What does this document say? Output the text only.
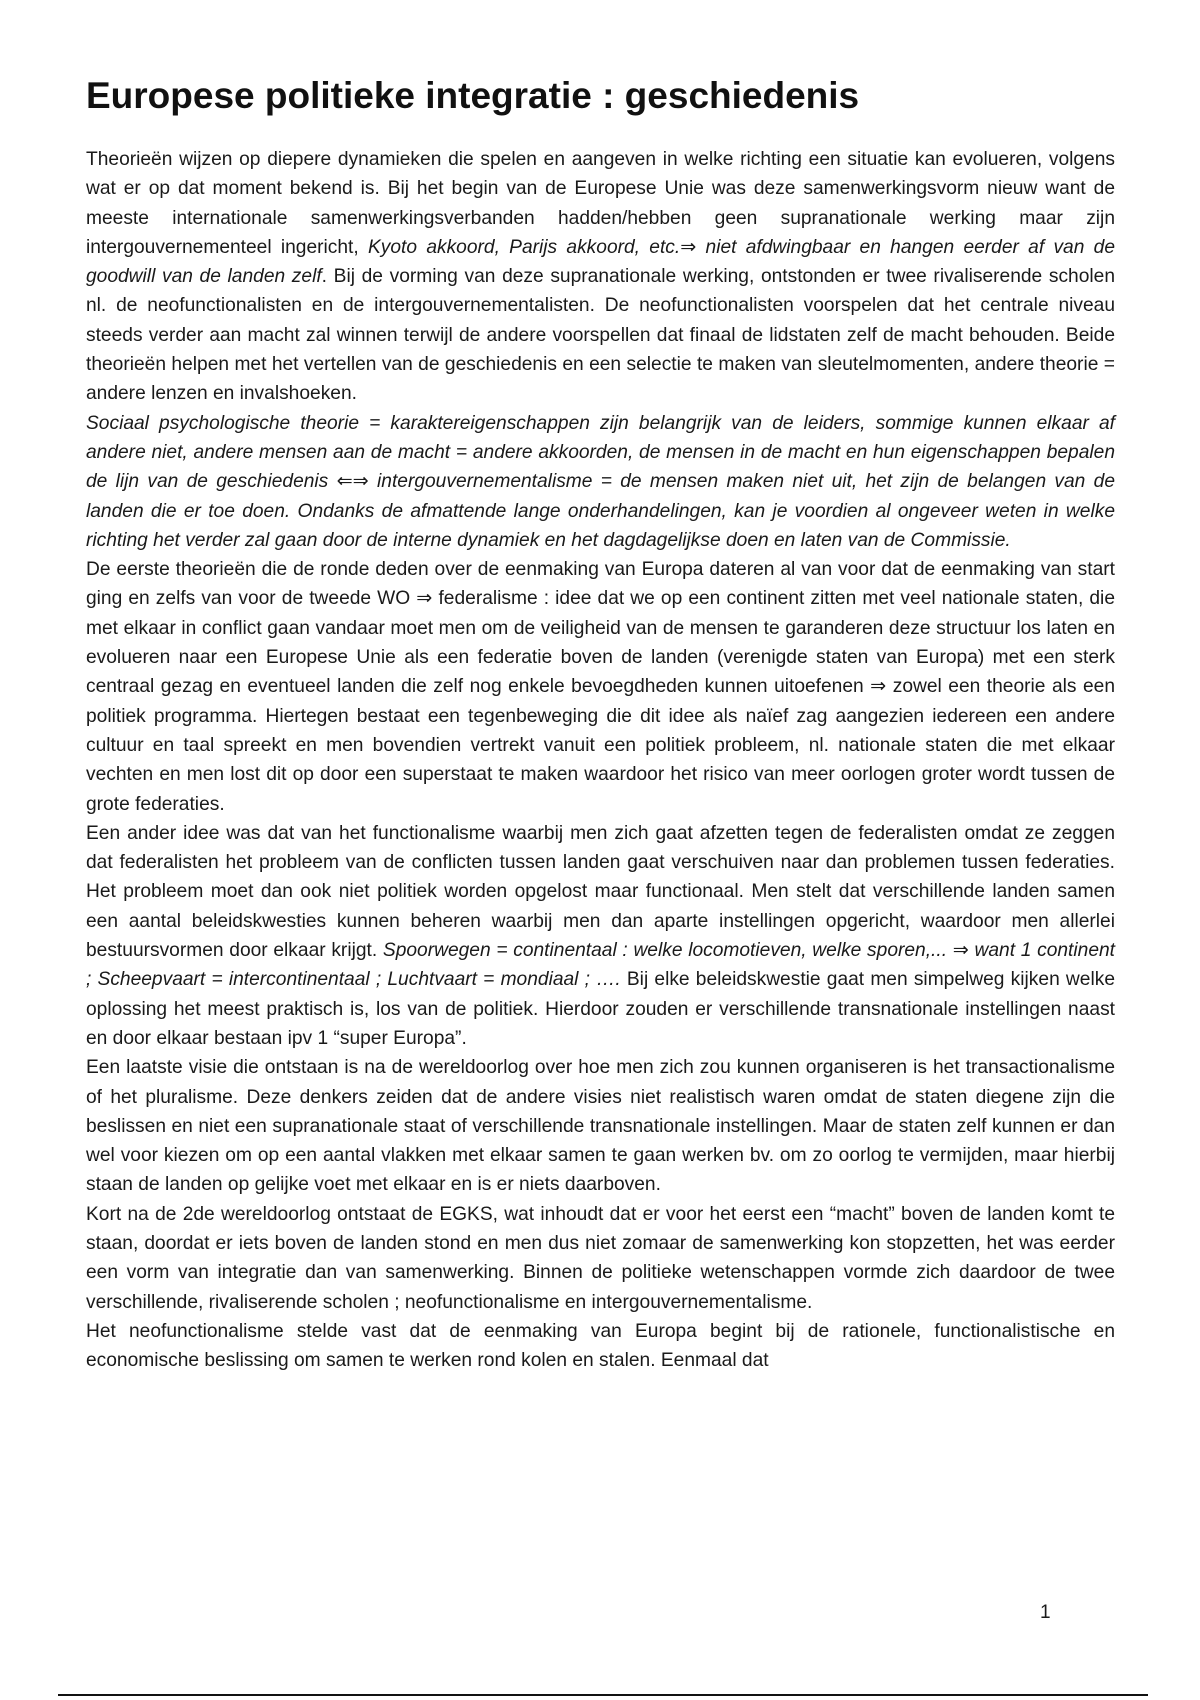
Europese politieke integratie : geschiedenis

Theorieën wijzen op diepere dynamieken die spelen en aangeven in welke richting een situatie kan evolueren, volgens wat er op dat moment bekend is. Bij het begin van de Europese Unie was deze samenwerkingsvorm nieuw want de meeste internationale samenwerkingsverbanden hadden/hebben geen supranationale werking maar zijn intergouvernementeel ingericht, Kyoto akkoord, Parijs akkoord, etc.⇒ niet afdwingbaar en hangen eerder af van de goodwill van de landen zelf. Bij de vorming van deze supranationale werking, ontstonden er twee rivaliserende scholen nl. de neofunctionalisten en de intergouvernementalisten. De neofunctionalisten voorspelen dat het centrale niveau steeds verder aan macht zal winnen terwijl de andere voorspellen dat finaal de lidstaten zelf de macht behouden. Beide theorieën helpen met het vertellen van de geschiedenis en een selectie te maken van sleutelmomenten, andere theorie = andere lenzen en invalshoeken.

Sociaal psychologische theorie = karaktereigenschappen zijn belangrijk van de leiders, sommige kunnen elkaar af andere niet, andere mensen aan de macht = andere akkoorden, de mensen in de macht en hun eigenschappen bepalen de lijn van de geschiedenis ⇐⇒ intergouvernementalisme = de mensen maken niet uit, het zijn de belangen van de landen die er toe doen. Ondanks de afmattende lange onderhandelingen, kan je voordien al ongeveer weten in welke richting het verder zal gaan door de interne dynamiek en het dagdagelijkse doen en laten van de Commissie.

De eerste theorieën die de ronde deden over de eenmaking van Europa dateren al van voor dat de eenmaking van start ging en zelfs van voor de tweede WO ⇒ federalisme : idee dat we op een continent zitten met veel nationale staten, die met elkaar in conflict gaan vandaar moet men om de veiligheid van de mensen te garanderen deze structuur los laten en evolueren naar een Europese Unie als een federatie boven de landen (verenigde staten van Europa) met een sterk centraal gezag en eventueel landen die zelf nog enkele bevoegdheden kunnen uitoefenen ⇒ zowel een theorie als een politiek programma. Hiertegen bestaat een tegenbeweging die dit idee als naïef zag aangezien iedereen een andere cultuur en taal spreekt en men bovendien vertrekt vanuit een politiek probleem, nl. nationale staten die met elkaar vechten en men lost dit op door een superstaat te maken waardoor het risico van meer oorlogen groter wordt tussen de grote federaties.

Een ander idee was dat van het functionalisme waarbij men zich gaat afzetten tegen de federalisten omdat ze zeggen dat federalisten het probleem van de conflicten tussen landen gaat verschuiven naar dan problemen tussen federaties. Het probleem moet dan ook niet politiek worden opgelost maar functionaal. Men stelt dat verschillende landen samen een aantal beleidskwesties kunnen beheren waarbij men dan aparte instellingen opgericht, waardoor men allerlei bestuursvormen door elkaar krijgt. Spoorwegen = continentaal : welke locomotieven, welke sporen,... ⇒ want 1 continent ; Scheepvaart = intercontinentaal ; Luchtvaart = mondiaal ; …. Bij elke beleidskwestie gaat men simpelweg kijken welke oplossing het meest praktisch is, los van de politiek. Hierdoor zouden er verschillende transnationale instellingen naast en door elkaar bestaan ipv 1 “super Europa”.

Een laatste visie die ontstaan is na de wereldoorlog over hoe men zich zou kunnen organiseren is het transactionalisme of het pluralisme. Deze denkers zeiden dat de andere visies niet realistisch waren omdat de staten diegene zijn die beslissen en niet een supranationale staat of verschillende transnationale instellingen. Maar de staten zelf kunnen er dan wel voor kiezen om op een aantal vlakken met elkaar samen te gaan werken bv. om zo oorlog te vermijden, maar hierbij staan de landen op gelijke voet met elkaar en is er niets daarboven.

Kort na de 2de wereldoorlog ontstaat de EGKS, wat inhoudt dat er voor het eerst een “macht” boven de landen komt te staan, doordat er iets boven de landen stond en men dus niet zomaar de samenwerking kon stopzetten, het was eerder een vorm van integratie dan van samenwerking. Binnen de politieke wetenschappen vormde zich daardoor de twee verschillende, rivaliserende scholen ; neofunctionalisme en intergouvernementalisme.

Het neofunctionalisme stelde vast dat de eenmaking van Europa begint bij de rationele, functionalistische en economische beslissing om samen te werken rond kolen en stalen. Eenmaal dat

1
